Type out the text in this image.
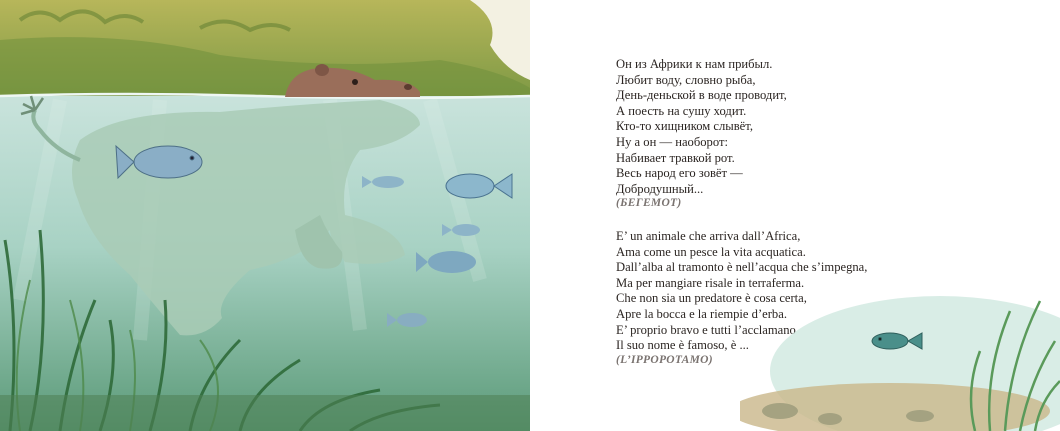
Он из Африки к нам прибыл.
Любит воду, словно рыба,
День-деньской в воде проводит,
А поесть на сушу ходит.
Кто-то хищником слывёт,
Ну а он — наоборот:
Набивает травкой рот.
Весь народ его зовёт —
Добродушный...

(БЕГЕМОТ)

E’ un animale che arriva dall’Africa,
Ama come un pesce la vita acquatica.
Dall’alba al tramonto è nell’acqua che s’impegna,
Ma per mangiare risale in terraferma.
Che non sia un predatore è cosa certa,
Apre la bocca e la riempie d’erba.
E’ proprio bravo e tutti l’acclamano
Il suo nome è famoso, è ...

(L’IPPOPOTAMO)
